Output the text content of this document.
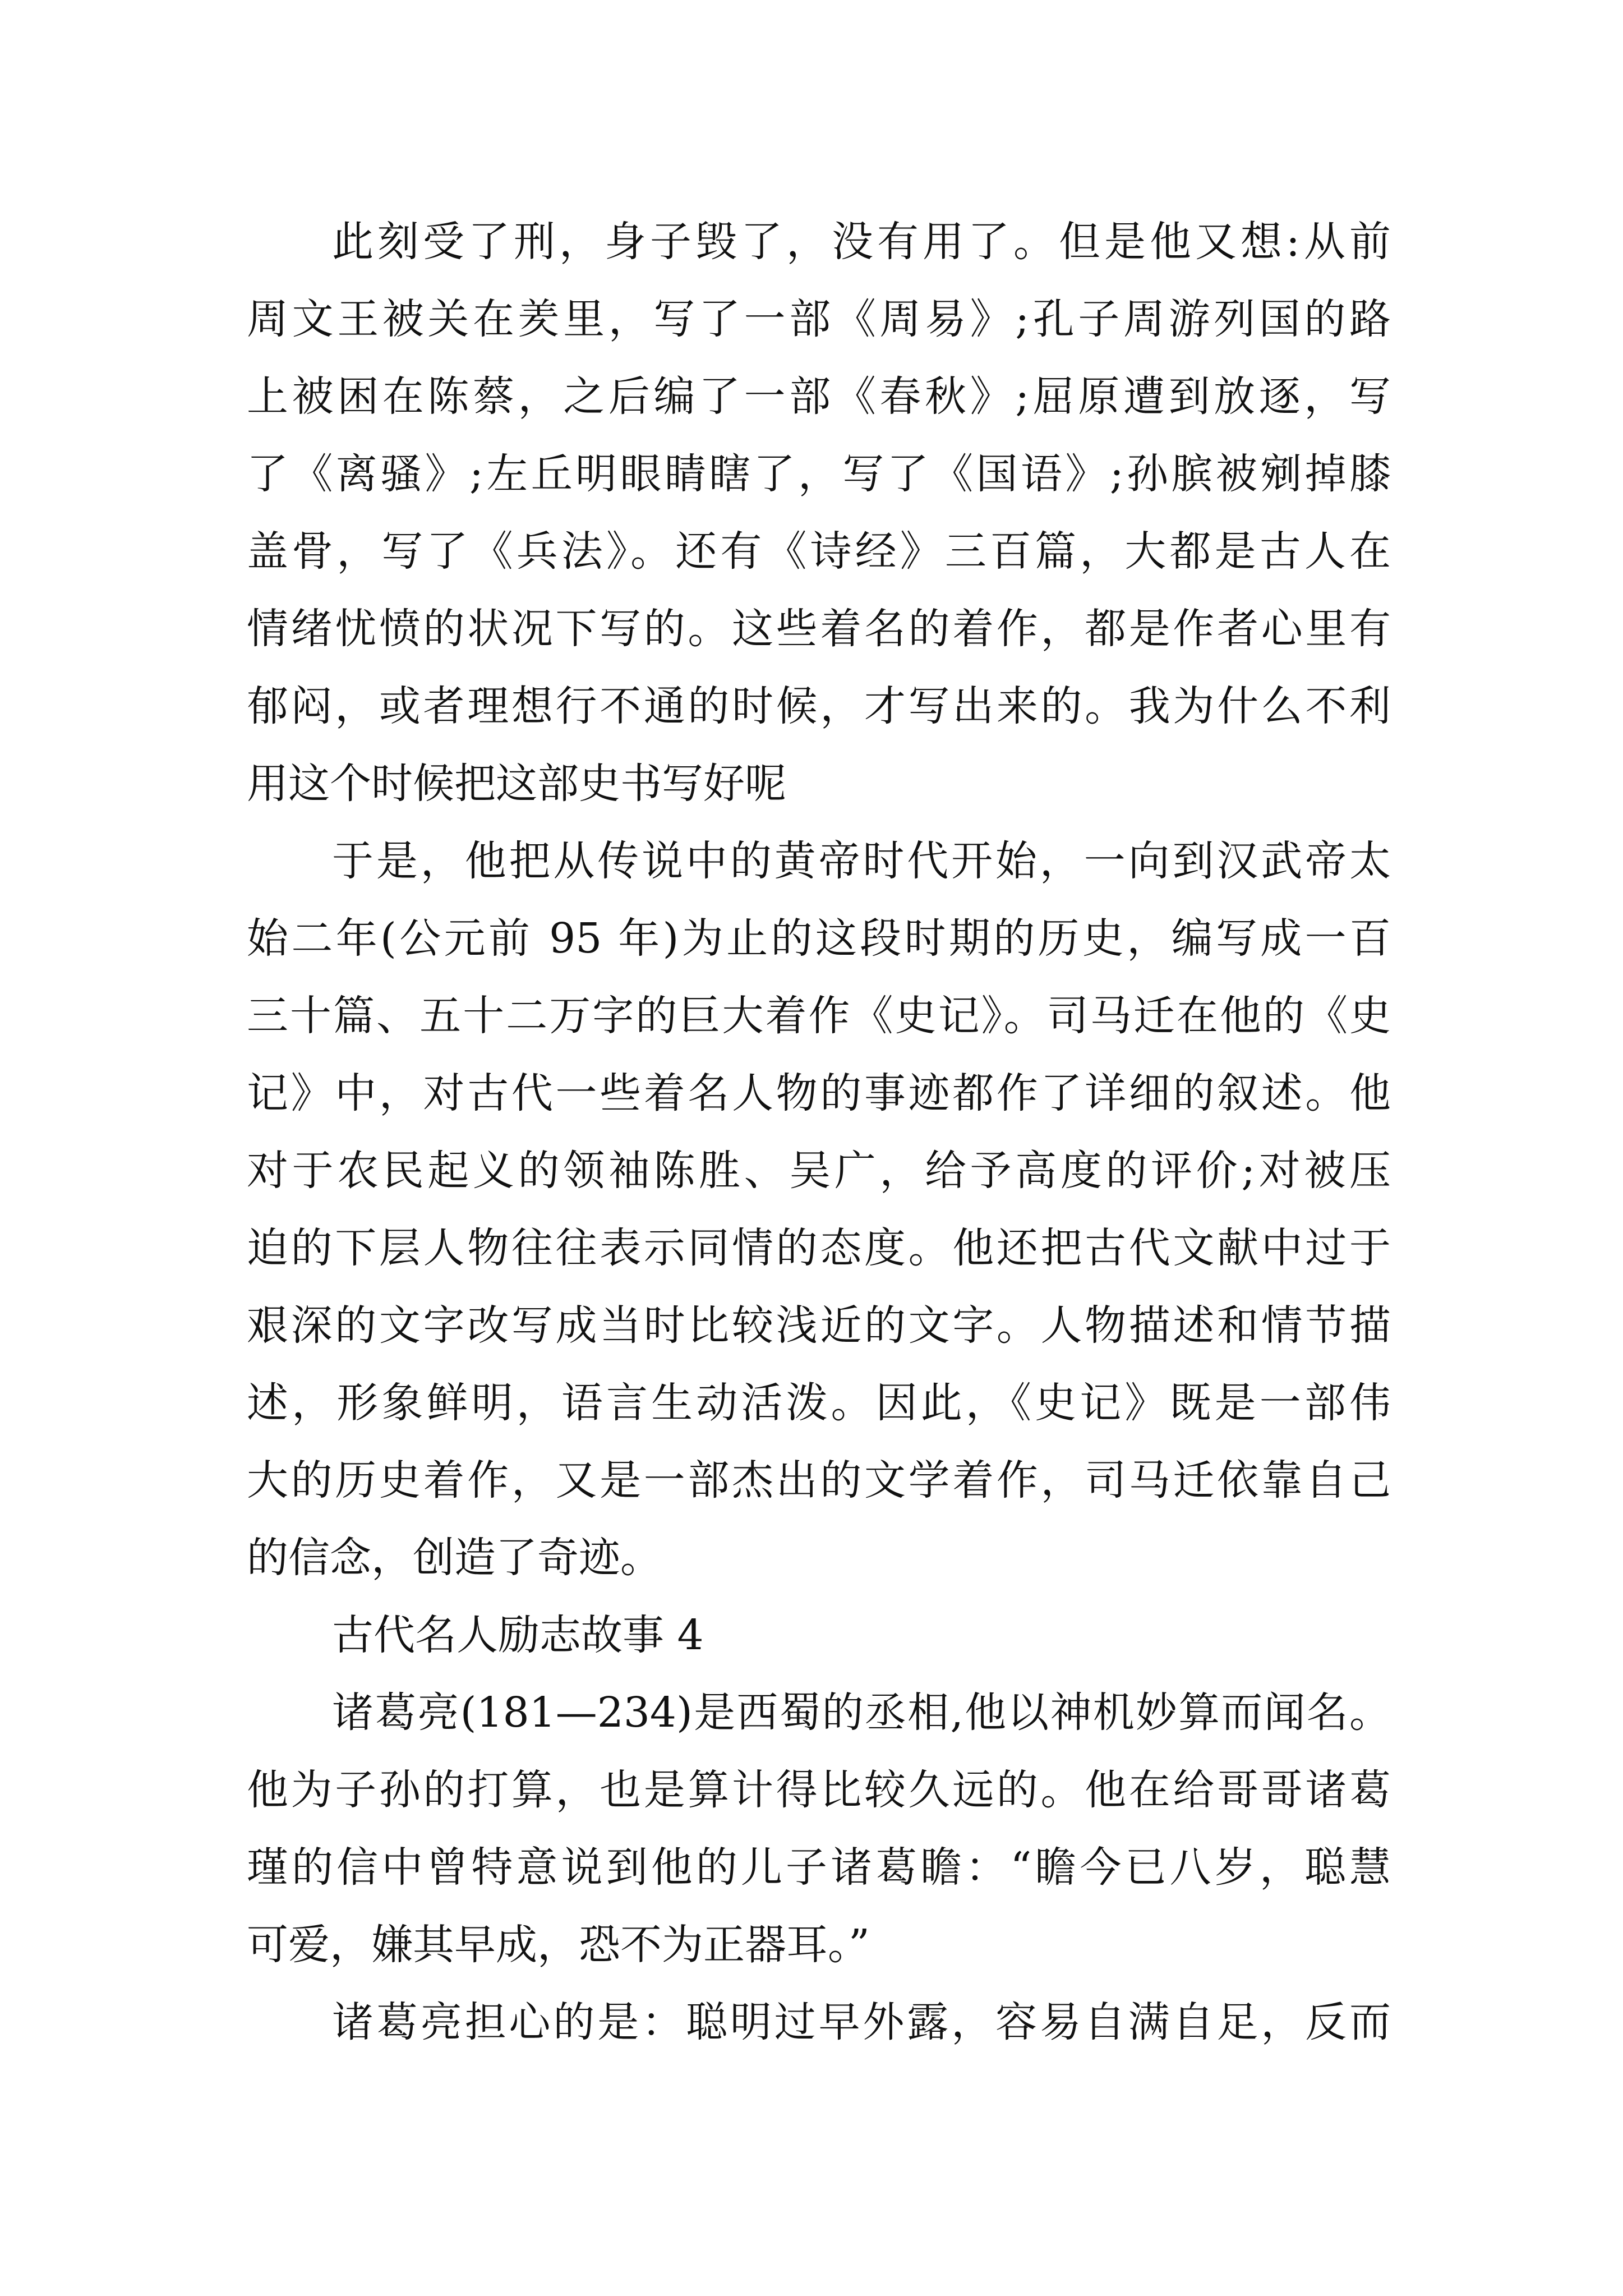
此刻受了刑，身子毁了，没有用了。但是他又想:从前
周文王被关在羑里，写了一部《周易》;孔子周游列国的路
上被困在陈蔡，之后编了一部《春秋》;屈原遭到放逐，写
了《离骚》;左丘明眼睛瞎了，写了《国语》;孙膑被剜掉膝
盖骨，写了《兵法》。还有《诗经》三百篇，大都是古人在
情绪忧愤的状况下写的。这些着名的着作，都是作者心里有
郁闷，或者理想行不通的时候，才写出来的。我为什么不利
用这个时候把这部史书写好呢
于是，他把从传说中的黄帝时代开始，一向到汉武帝太
始二年(公元前 95 年)为止的这段时期的历史，编写成一百
三十篇、五十二万字的巨大着作《史记》。司马迁在他的《史
记》中，对古代一些着名人物的事迹都作了详细的叙述。他
对于农民起义的领袖陈胜、吴广，给予高度的评价;对被压
迫的下层人物往往表示同情的态度。他还把古代文献中过于
艰深的文字改写成当时比较浅近的文字。人物描述和情节描
述，形象鲜明，语言生动活泼。因此，《史记》既是一部伟
大的历史着作，又是一部杰出的文学着作，司马迁依靠自己
的信念，创造了奇迹。
古代名人励志故事 4
诸葛亮(181—234)是西蜀的丞相,他以神机妙算而闻名。
他为子孙的打算，也是算计得比较久远的。他在给哥哥诸葛
瑾的信中曾特意说到他的儿子诸葛瞻：“瞻今已八岁，聪慧
可爱，嫌其早成，恐不为正器耳。”
诸葛亮担心的是：聪明过早外露，容易自满自足，反而
